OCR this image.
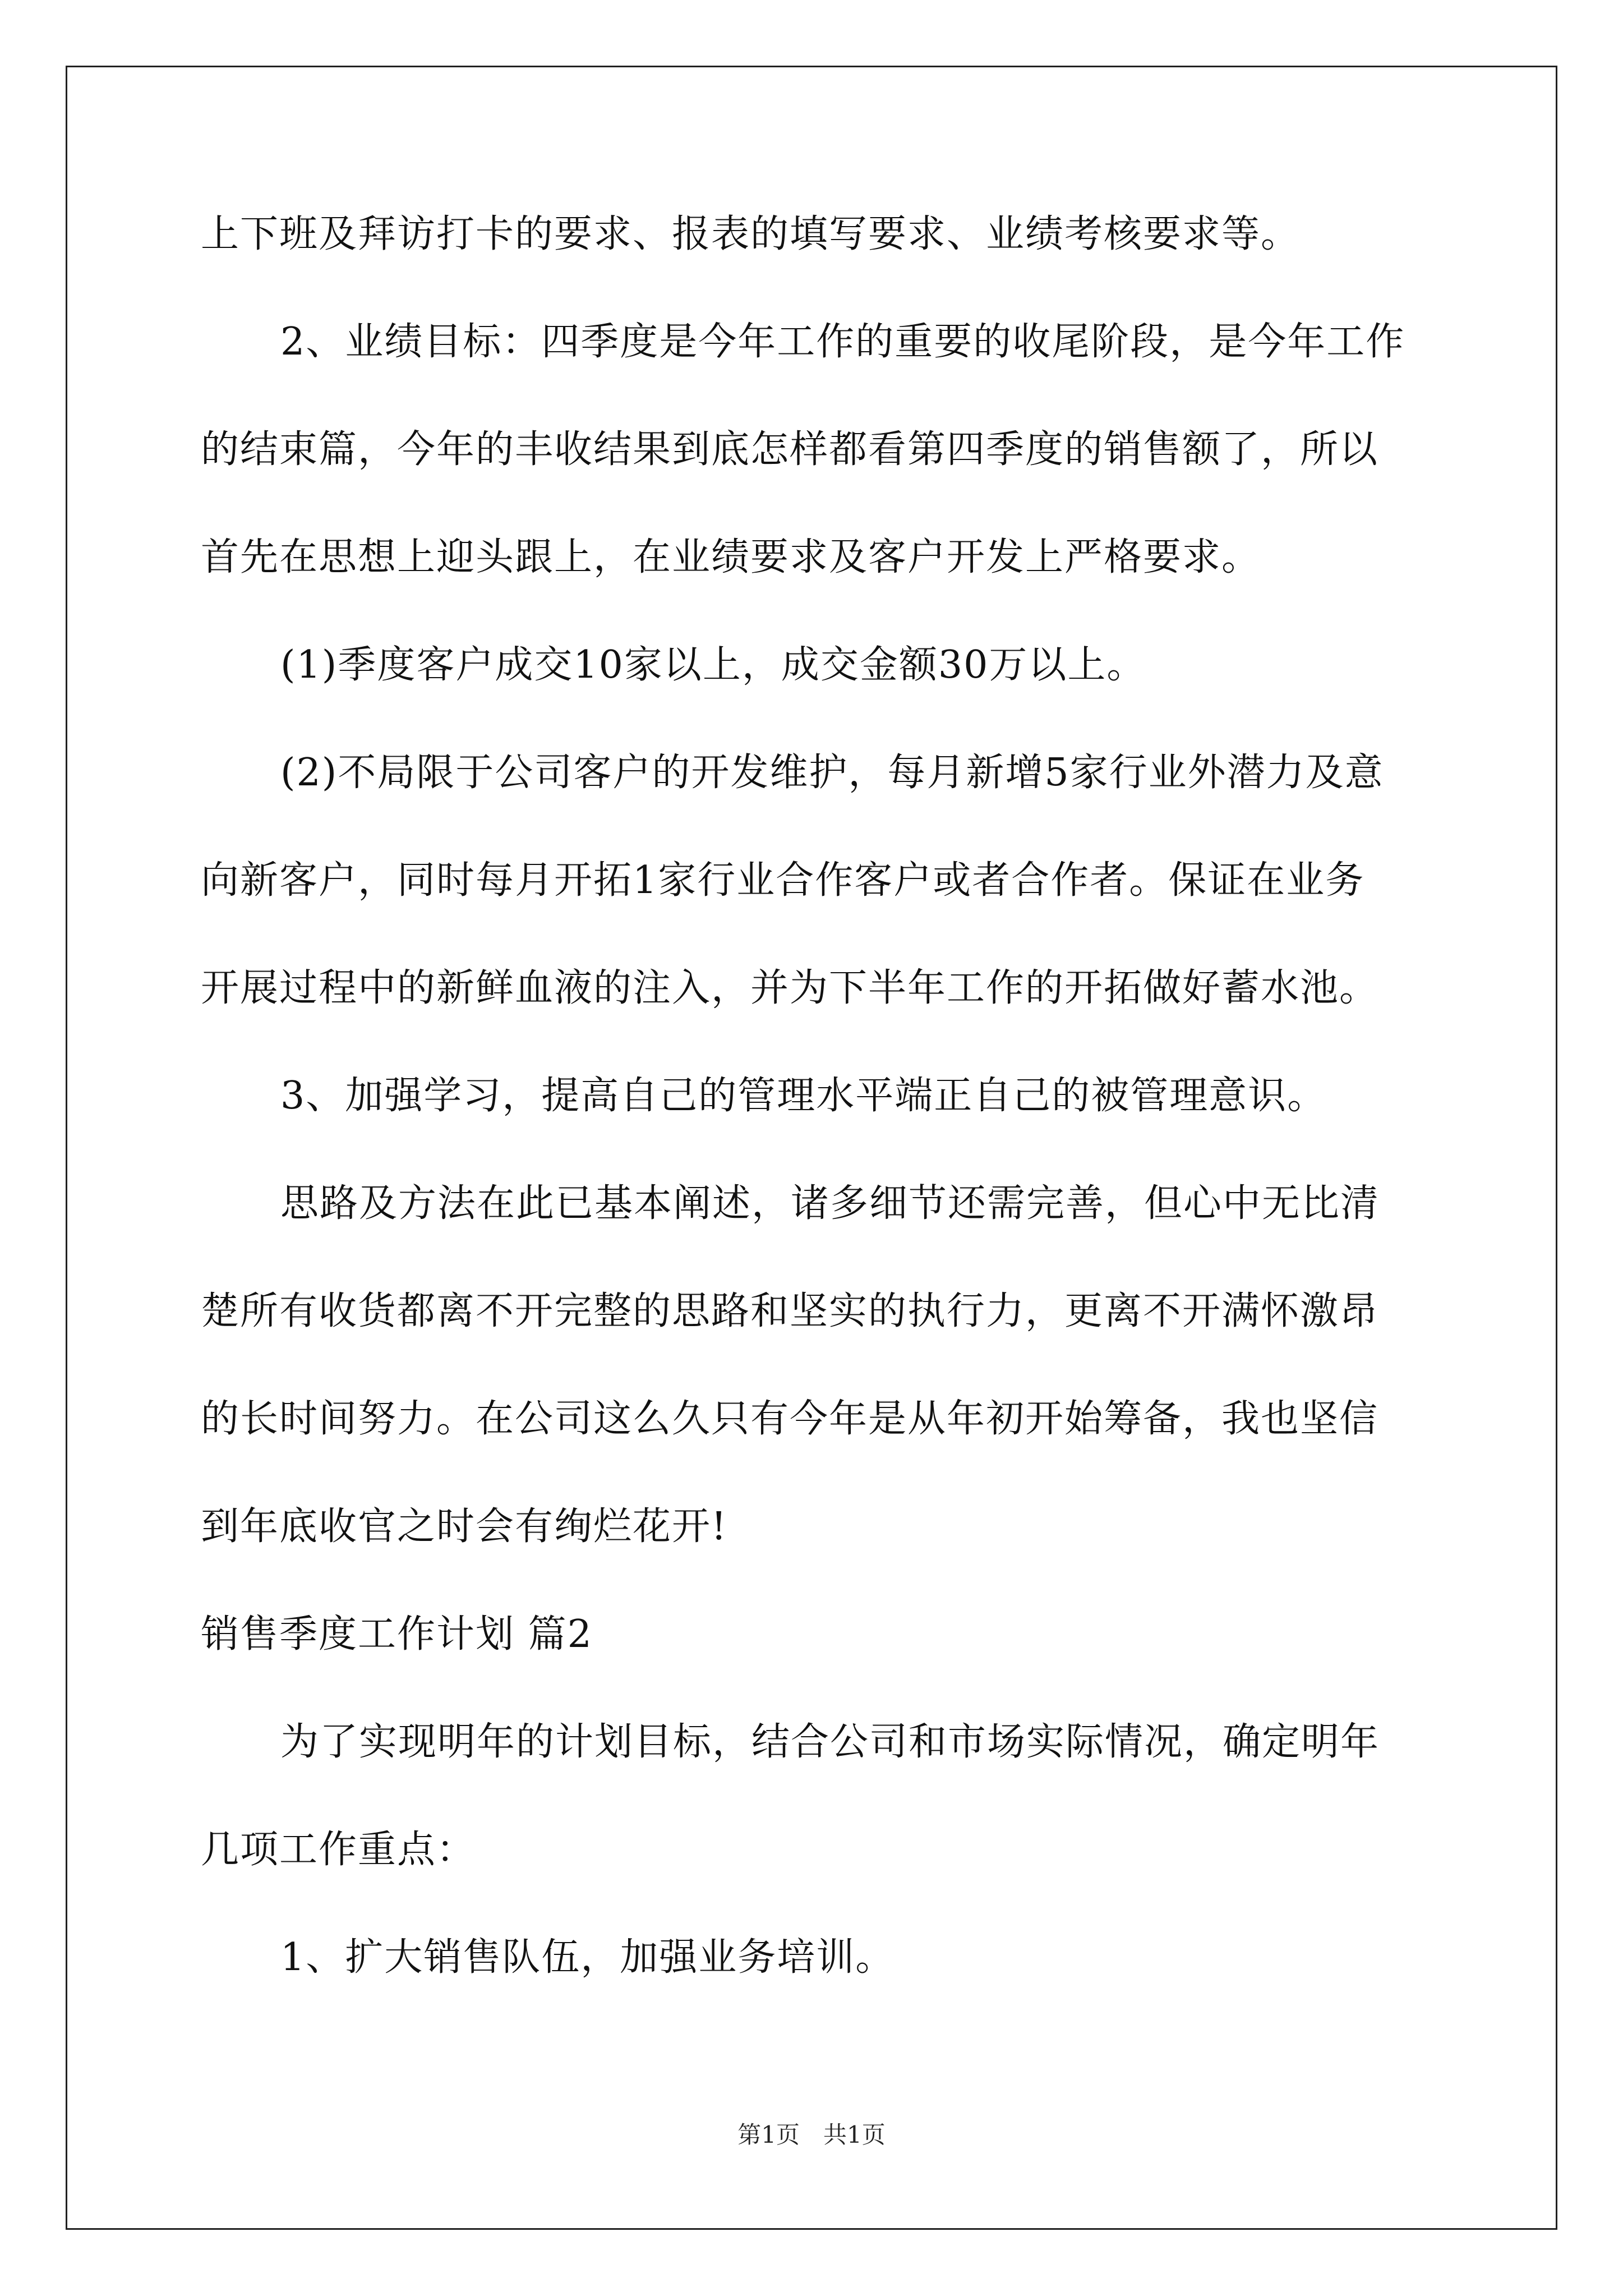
上下班及拜访打卡的要求、报表的填写要求、业绩考核要求等。
2、业绩目标：四季度是今年工作的重要的收尾阶段，是今年工作
的结束篇，今年的丰收结果到底怎样都看第四季度的销售额了，所以
首先在思想上迎头跟上，在业绩要求及客户开发上严格要求。
(1)季度客户成交10家以上，成交金额30万以上。
(2)不局限于公司客户的开发维护，每月新增5家行业外潜力及意
向新客户，同时每月开拓1家行业合作客户或者合作者。保证在业务
开展过程中的新鲜血液的注入，并为下半年工作的开拓做好蓄水池。
3、加强学习，提高自己的管理水平端正自己的被管理意识。
思路及方法在此已基本阐述，诸多细节还需完善，但心中无比清
楚所有收货都离不开完整的思路和坚实的执行力，更离不开满怀激昂
的长时间努力。在公司这么久只有今年是从年初开始筹备，我也坚信
到年底收官之时会有绚烂花开!
销售季度工作计划 篇2
为了实现明年的计划目标，结合公司和市场实际情况，确定明年
几项工作重点：
1、扩大销售队伍，加强业务培训。
第1页　共1页
